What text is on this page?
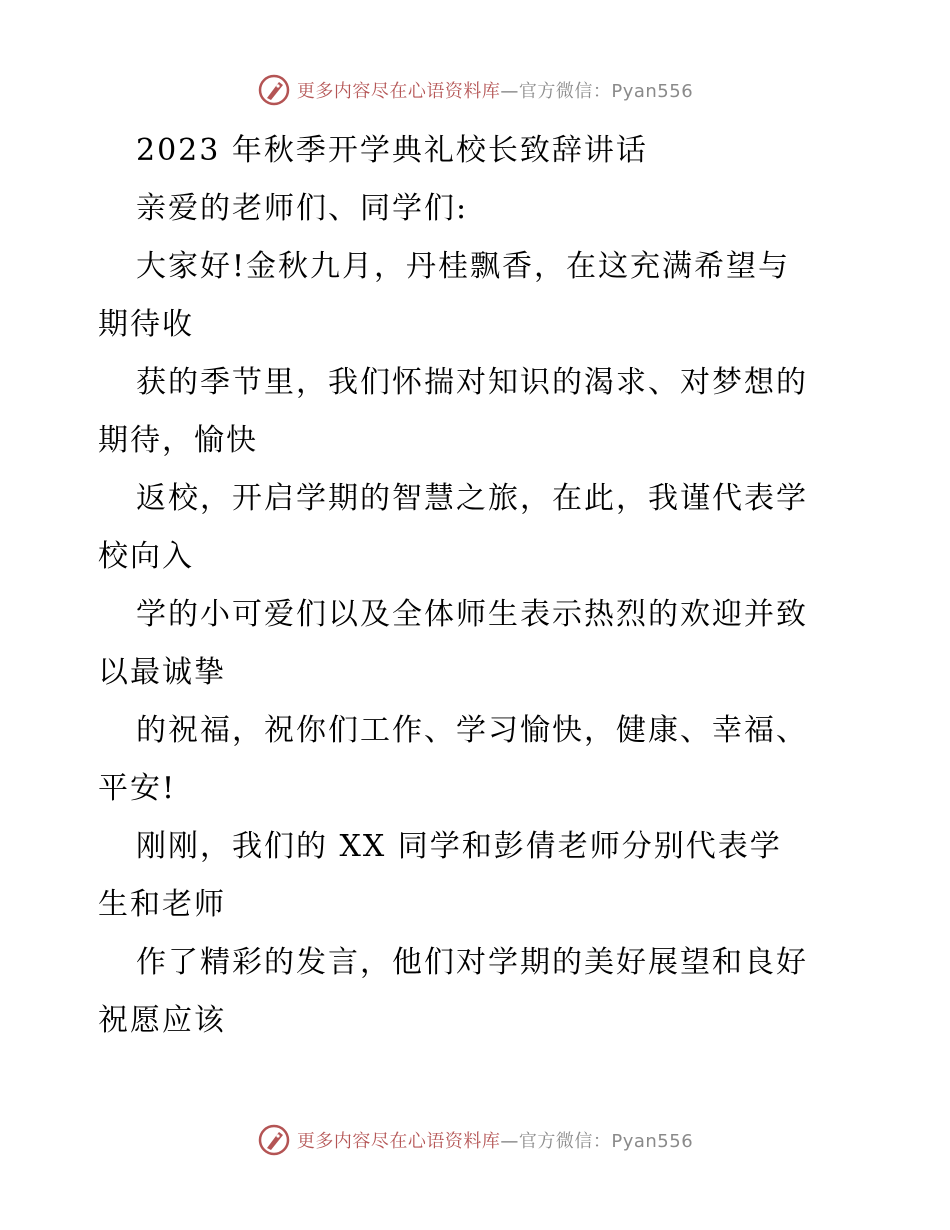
更多内容尽在心语资料库—官方微信：Pyan556
2023 年秋季开学典礼校长致辞讲话
亲爱的老师们、同学们:
大家好!金秋九月，丹桂飘香，在这充满希望与
期待收
获的季节里，我们怀揣对知识的渴求、对梦想的
期待，愉快
返校，开启学期的智慧之旅，在此，我谨代表学
校向入
学的小可爱们以及全体师生表示热烈的欢迎并致
以最诚挚
的祝福，祝你们工作、学习愉快，健康、幸福、
平安!
刚刚，我们的 XX 同学和彭倩老师分别代表学
生和老师
作了精彩的发言，他们对学期的美好展望和良好
祝愿应该
更多内容尽在心语资料库—官方微信：Pyan556
